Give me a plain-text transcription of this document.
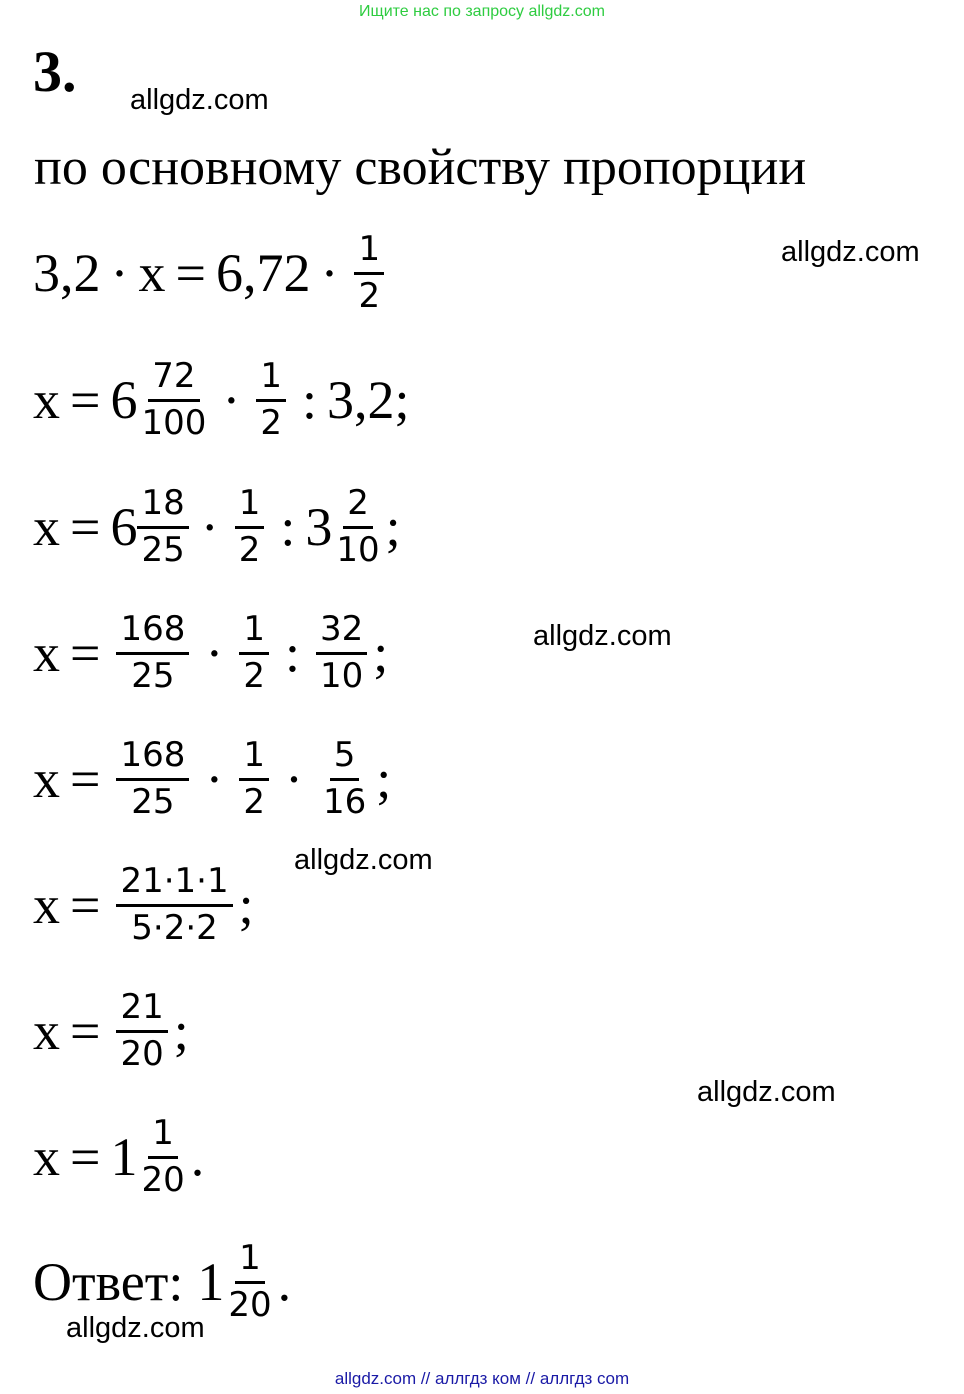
Ищите нас по запросу allgdz.com
3. allgdz.com
по основному свойству пропорции
$3,2 \cdot x = 6,72 \cdot \frac{1}{2}$	allgdz.com
$x = 6 \frac{72}{100} \cdot \frac{1}{2}$ : 3,2;
$x = 6 \frac{18}{25} \cdot \frac{1}{2}$ : $3 \frac{2}{10}$ ;
$x = \frac{168}{25} \cdot \frac{1}{2}$ : $\frac{32}{10}$ ;	allgdz.com
$x = \frac{168}{25} \cdot \frac{1}{2} \cdot \frac{5}{16}$ ;
allgdz.com
$x = \frac{21\cdot 1\cdot 1}{5\cdot 2\cdot 2}$ ;
$x = \frac{21}{20}$ ;
allgdz.com
$x = 1 \frac{1}{20}$ .
Ответ: $1 \frac{1}{20}$ .
allgdz.com
allgdz.com // аллгдз ком // аллгдз com
